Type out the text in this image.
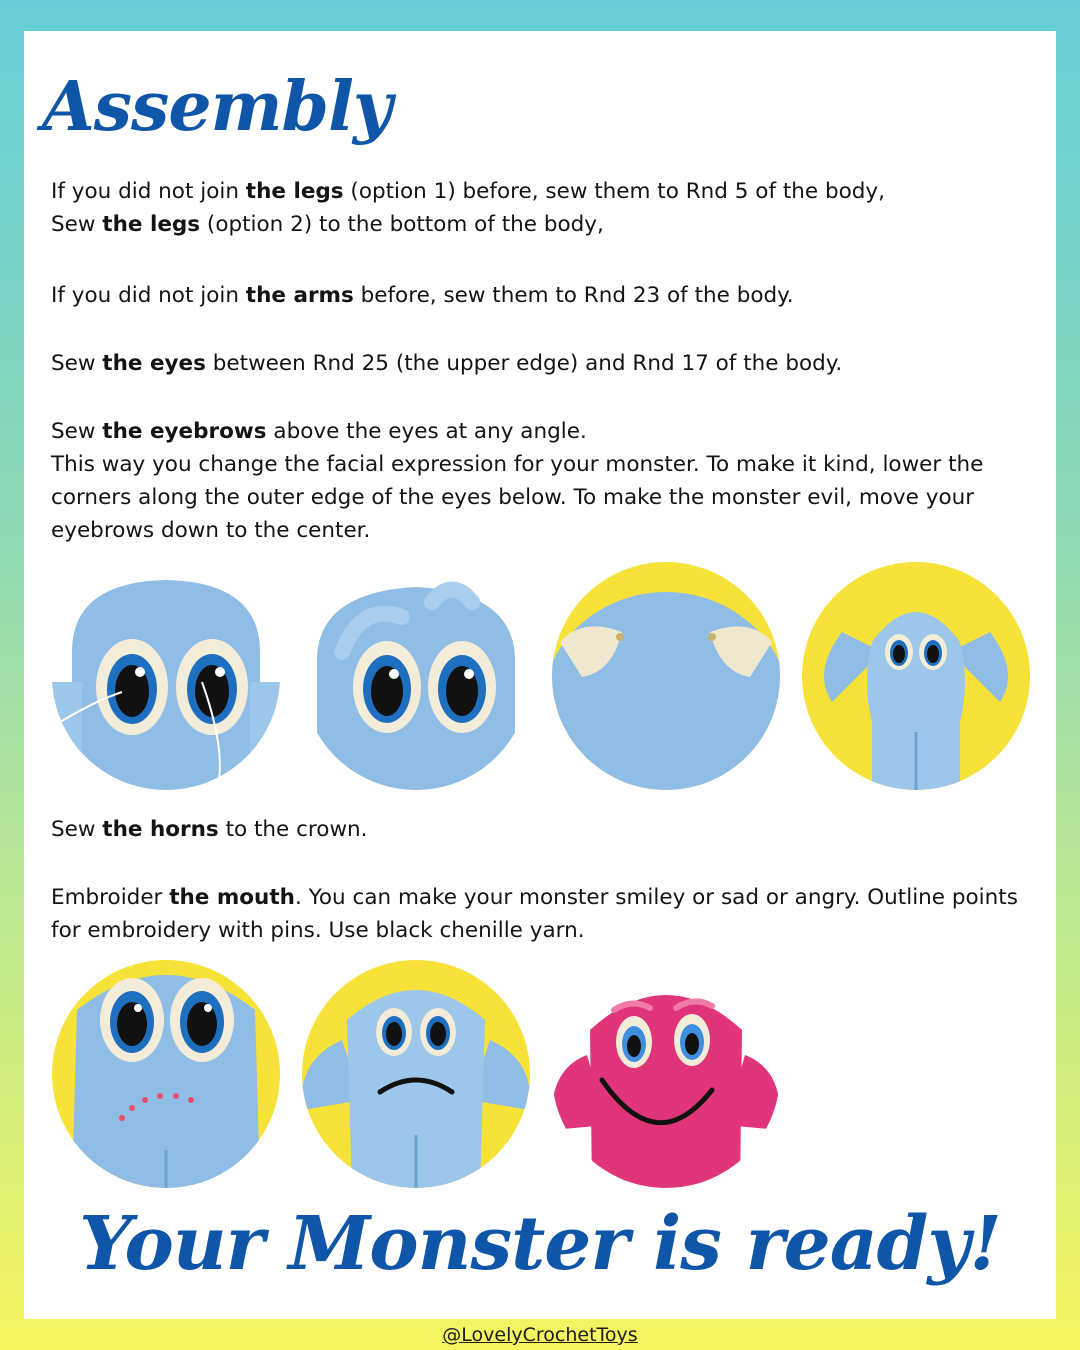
Assembly

If you did not join the legs (option 1) before, sew them to Rnd 5 of the body,
Sew the legs (option 2) to the bottom of the body,

If you did not join the arms before, sew them to Rnd 23 of the body.

Sew the eyes between Rnd 25 (the upper edge) and Rnd 17 of the body.

Sew the eyebrows above the eyes at any angle.
This way you change the facial expression for your monster. To make it kind, lower the corners along the outer edge of the eyes below. To make the monster evil, move your eyebrows down to the center.

Sew the horns to the crown.

Embroider the mouth. You can make your monster smiley or sad or angry. Outline points for embroidery with pins. Use black chenille yarn.

Your Monster is ready!

@LovelyCrochetToys
